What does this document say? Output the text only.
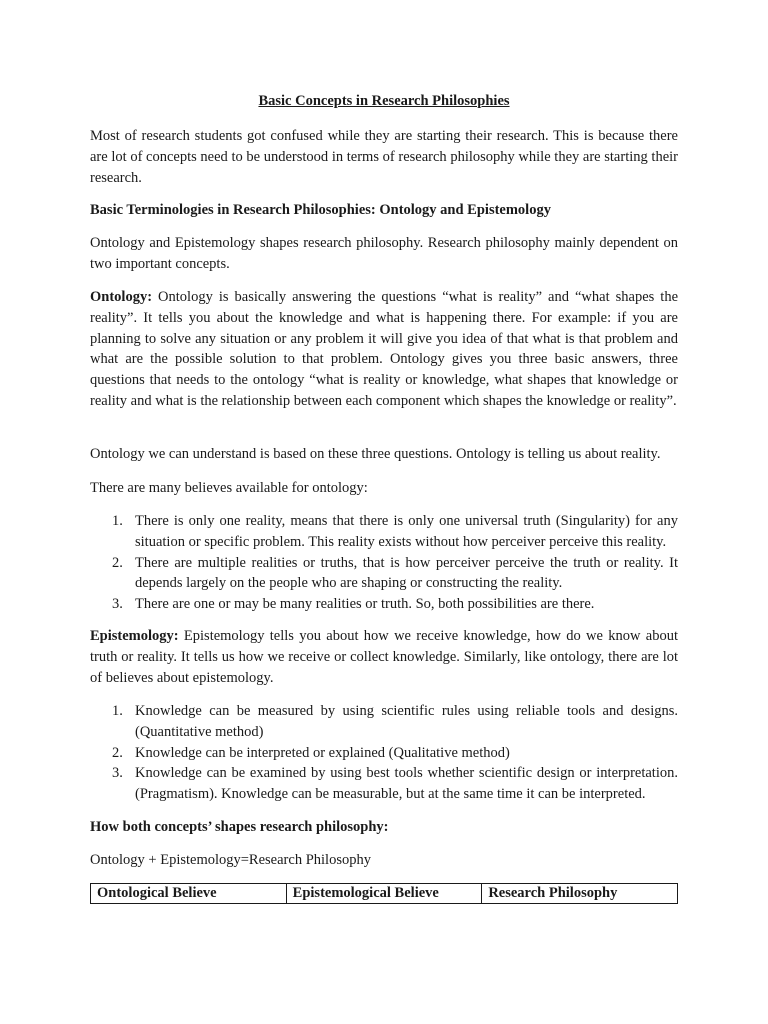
Basic Concepts in Research Philosophies

Most of research students got confused while they are starting their research. This is because there are lot of concepts need to be understood in terms of research philosophy while they are starting their research.

Basic Terminologies in Research Philosophies: Ontology and Epistemology

Ontology and Epistemology shapes research philosophy. Research philosophy mainly dependent on two important concepts.

Ontology: Ontology is basically answering the questions “what is reality” and “what shapes the reality”. It tells you about the knowledge and what is happening there. For example: if you are planning to solve any situation or any problem it will give you idea of that what is that problem and what are the possible solution to that problem. Ontology gives you three basic answers, three questions that needs to the ontology “what is reality or knowledge, what shapes that knowledge or reality and what is the relationship between each component which shapes the knowledge or reality”.

Ontology we can understand is based on these three questions. Ontology is telling us about reality.

There are many believes available for ontology:

1. There is only one reality, means that there is only one universal truth (Singularity) for any situation or specific problem. This reality exists without how perceiver perceive this reality.
2. There are multiple realities or truths, that is how perceiver perceive the truth or reality. It depends largely on the people who are shaping or constructing the reality.
3. There are one or may be many realities or truth. So, both possibilities are there.

Epistemology: Epistemology tells you about how we receive knowledge, how do we know about truth or reality. It tells us how we receive or collect knowledge. Similarly, like ontology, there are lot of believes about epistemology.

1. Knowledge can be measured by using scientific rules using reliable tools and designs. (Quantitative method)
2. Knowledge can be interpreted or explained (Qualitative method)
3. Knowledge can be examined by using best tools whether scientific design or interpretation. (Pragmatism). Knowledge can be measurable, but at the same time it can be interpreted.

How both concepts’ shapes research philosophy:

Ontology + Epistemology=Research Philosophy

Ontological Believe	Epistemological Believe	Research Philosophy
